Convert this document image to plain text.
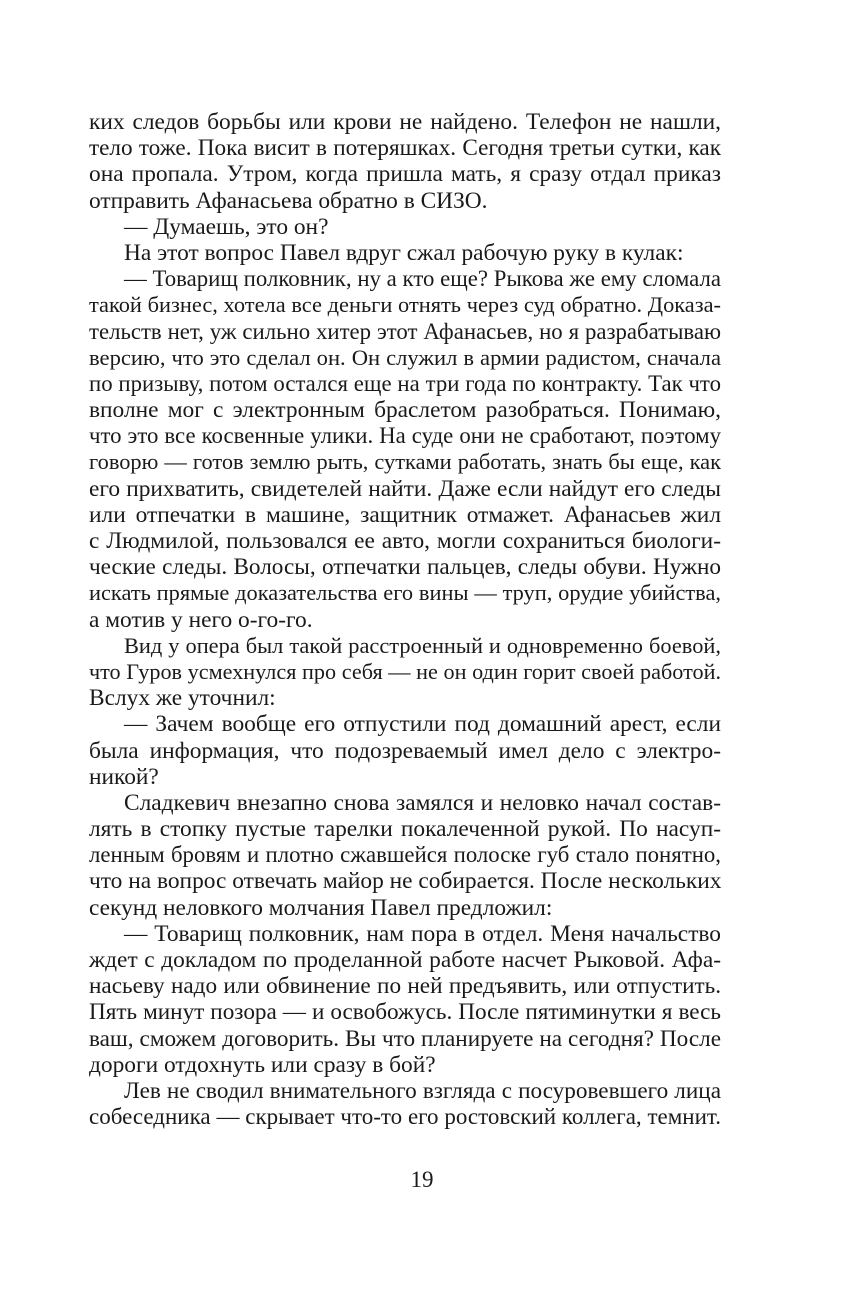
ких следов борьбы или крови не найдено. Телефон не нашли,
тело тоже. Пока висит в потеряшках. Сегодня третьи сутки, как
она пропала. Утром, когда пришла мать, я сразу отдал приказ
отправить Афанасьева обратно в СИЗО.

— Думаешь, это он?

На этот вопрос Павел вдруг сжал рабочую руку в кулак:

— Товарищ полковник, ну а кто еще? Рыкова же ему сломала
такой бизнес, хотела все деньги отнять через суд обратно. Доказа-
тельств нет, уж сильно хитер этот Афанасьев, но я разрабатываю
версию, что это сделал он. Он служил в армии радистом, сначала
по призыву, потом остался еще на три года по контракту. Так что
вполне мог с электронным браслетом разобраться. Понимаю,
что это все косвенные улики. На суде они не сработают, поэтому
говорю — готов землю рыть, сутками работать, знать бы еще, как
его прихватить, свидетелей найти. Даже если найдут его следы
или отпечатки в машине, защитник отмажет. Афанасьев жил
с Людмилой, пользовался ее авто, могли сохраниться биологи-
ческие следы. Волосы, отпечатки пальцев, следы обуви. Нужно
искать прямые доказательства его вины — труп, орудие убийства,
а мотив у него о-го-го.

Вид у опера был такой расстроенный и одновременно боевой,
что Гуров усмехнулся про себя — не он один горит своей работой.
Вслух же уточнил:

— Зачем вообще его отпустили под домашний арест, если
была информация, что подозреваемый имел дело с электро-
никой?

Сладкевич внезапно снова замялся и неловко начал состав-
лять в стопку пустые тарелки покалеченной рукой. По насуп-
ленным бровям и плотно сжавшейся полоске губ стало понятно,
что на вопрос отвечать майор не собирается. После нескольких
секунд неловкого молчания Павел предложил:

— Товарищ полковник, нам пора в отдел. Меня начальство
ждет с докладом по проделанной работе насчет Рыковой. Афа-
насьеву надо или обвинение по ней предъявить, или отпустить.
Пять минут позора — и освобожусь. После пятиминутки я весь
ваш, сможем договорить. Вы что планируете на сегодня? После
дороги отдохнуть или сразу в бой?

Лев не сводил внимательного взгляда с посуровевшего лица
собеседника — скрывает что-то его ростовский коллега, темнит.

19
